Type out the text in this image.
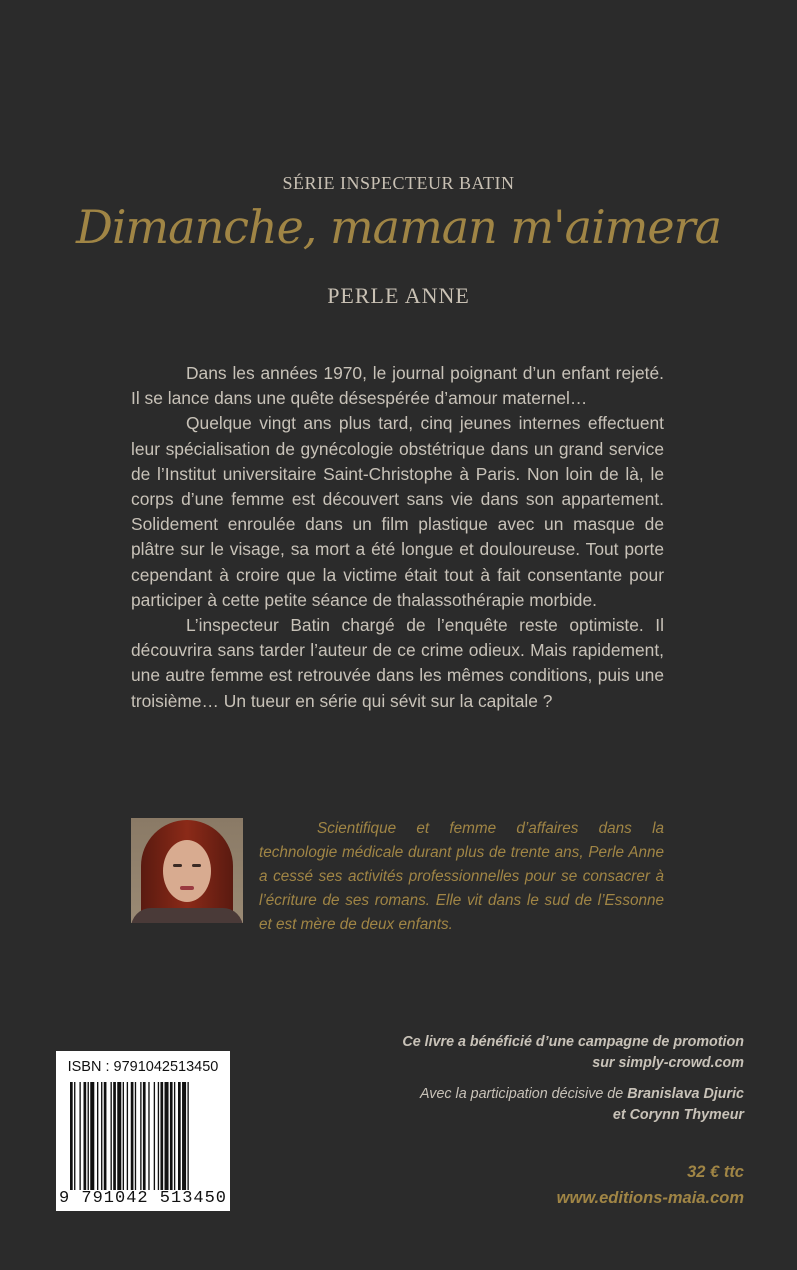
SÉRIE INSPECTEUR BATIN
Dimanche, maman m'aimera
PERLE ANNE

Dans les années 1970, le journal poignant d’un enfant rejeté. Il se lance dans une quête désespérée d’amour maternel…

Quelque vingt ans plus tard, cinq jeunes internes effectuent leur spécialisation de gynécologie obstétrique dans un grand service de l’Institut universitaire Saint-Christophe à Paris. Non loin de là, le corps d’une femme est découvert sans vie dans son appartement. Solidement enroulée dans un film plastique avec un masque de plâtre sur le visage, sa mort a été longue et douloureuse. Tout porte cependant à croire que la victime était tout à fait consentante pour participer à cette petite séance de thalassothérapie morbide.

L’inspecteur Batin chargé de l’enquête reste optimiste. Il découvrira sans tarder l’auteur de ce crime odieux. Mais rapidement, une autre femme est retrouvée dans les mêmes conditions, puis une troisième… Un tueur en série qui sévit sur la capitale ?

Scientifique et femme d’affaires dans la technologie médicale durant plus de trente ans, Perle Anne a cessé ses activités professionnelles pour se consacrer à l’écriture de ses romans. Elle vit dans le sud de l’Essonne et est mère de deux enfants.

ISBN : 9791042513450
9 791042 513450
Ce livre a bénéficié d’une campagne de promotion
sur simply-crowd.com
Avec la participation décisive de Branislava Djuric
et Corynn Thymeur
32 € ttc
www.editions-maia.com
